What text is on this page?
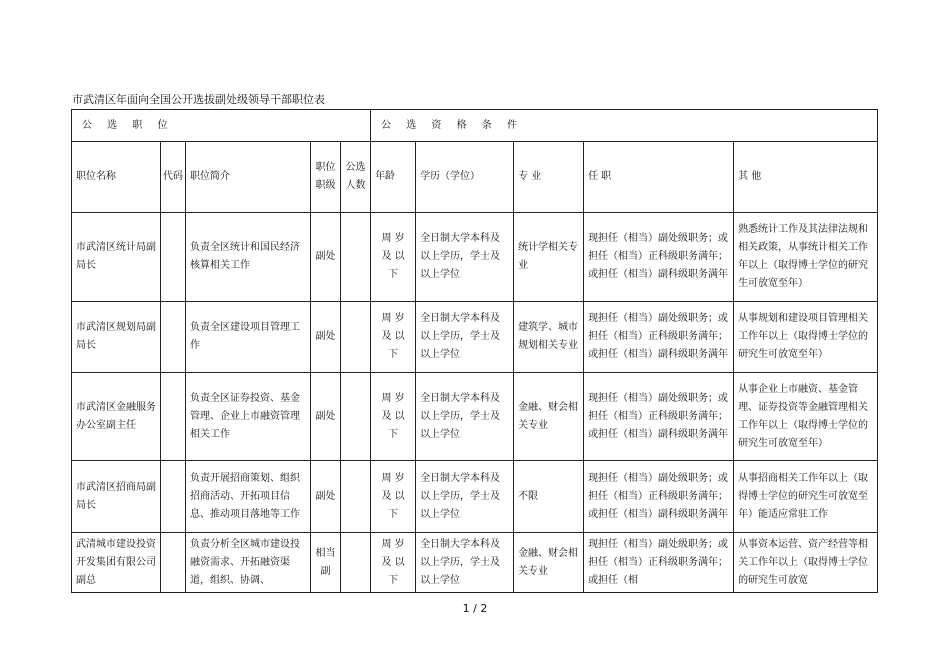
市武清区年面向全国公开选拔副处级领导干部职位表
公 选 职 位					公 选 资 格 条 件				
职位名称	代码	职位简介	职位职级	公选人数	年龄	学历（学位）	专 业	任 职	其 他
市武清区统计局副局长		负责全区统计和国民经济核算相关工作	副处		周 岁 及 以 下	全日制大学本科及以上学历，学士及以上学位	统计学相关专业	现担任（相当）副处级职务；或担任（相当）正科级职务满年；或担任（相当）副科级职务满年	熟悉统计工作及其法律法规和相关政策，从事统计相关工作年以上（取得博士学位的研究生可放宽至年）
市武清区规划局副局长		负责全区建设项目管理工作	副处		周 岁 及 以 下	全日制大学本科及以上学历，学士及以上学位	建筑学、城市规划相关专业	现担任（相当）副处级职务；或担任（相当）正科级职务满年；或担任（相当）副科级职务满年	从事规划和建设项目管理相关工作年以上（取得博士学位的研究生可放宽至年）
市武清区金融服务办公室副主任		负责全区证券投资、基金管理、企业上市融资管理相关工作	副处		周 岁 及 以 下	全日制大学本科及以上学历，学士及以上学位	金融、财会相关专业	现担任（相当）副处级职务；或担任（相当）正科级职务满年；或担任（相当）副科级职务满年	从事企业上市融资、基金管理、证券投资等金融管理相关工作年以上（取得博士学位的研究生可放宽至年）
市武清区招商局副局长		负责开展招商策划、组织招商活动、开拓项目信息、推动项目落地等工作	副处		周 岁 及 以 下	全日制大学本科及以上学历，学士及以上学位	不限	现担任（相当）副处级职务；或担任（相当）正科级职务满年；或担任（相当）副科级职务满年	从事招商相关工作年以上（取得博士学位的研究生可放宽至年）能适应常驻工作
武清城市建设投资开发集团有限公司副总		负责分析全区城市建设投融资需求、开拓融资渠道，组织、协调、	相当副		周 岁 及 以 下	全日制大学本科及以上学历，学士及以上学位	金融、财会相关专业	现担任（相当）副处级职务；或担任（相当）正科级职务满年；或担任（相	从事资本运营、资产经营等相关工作年以上（取得博士学位的研究生可放宽
1 / 2
